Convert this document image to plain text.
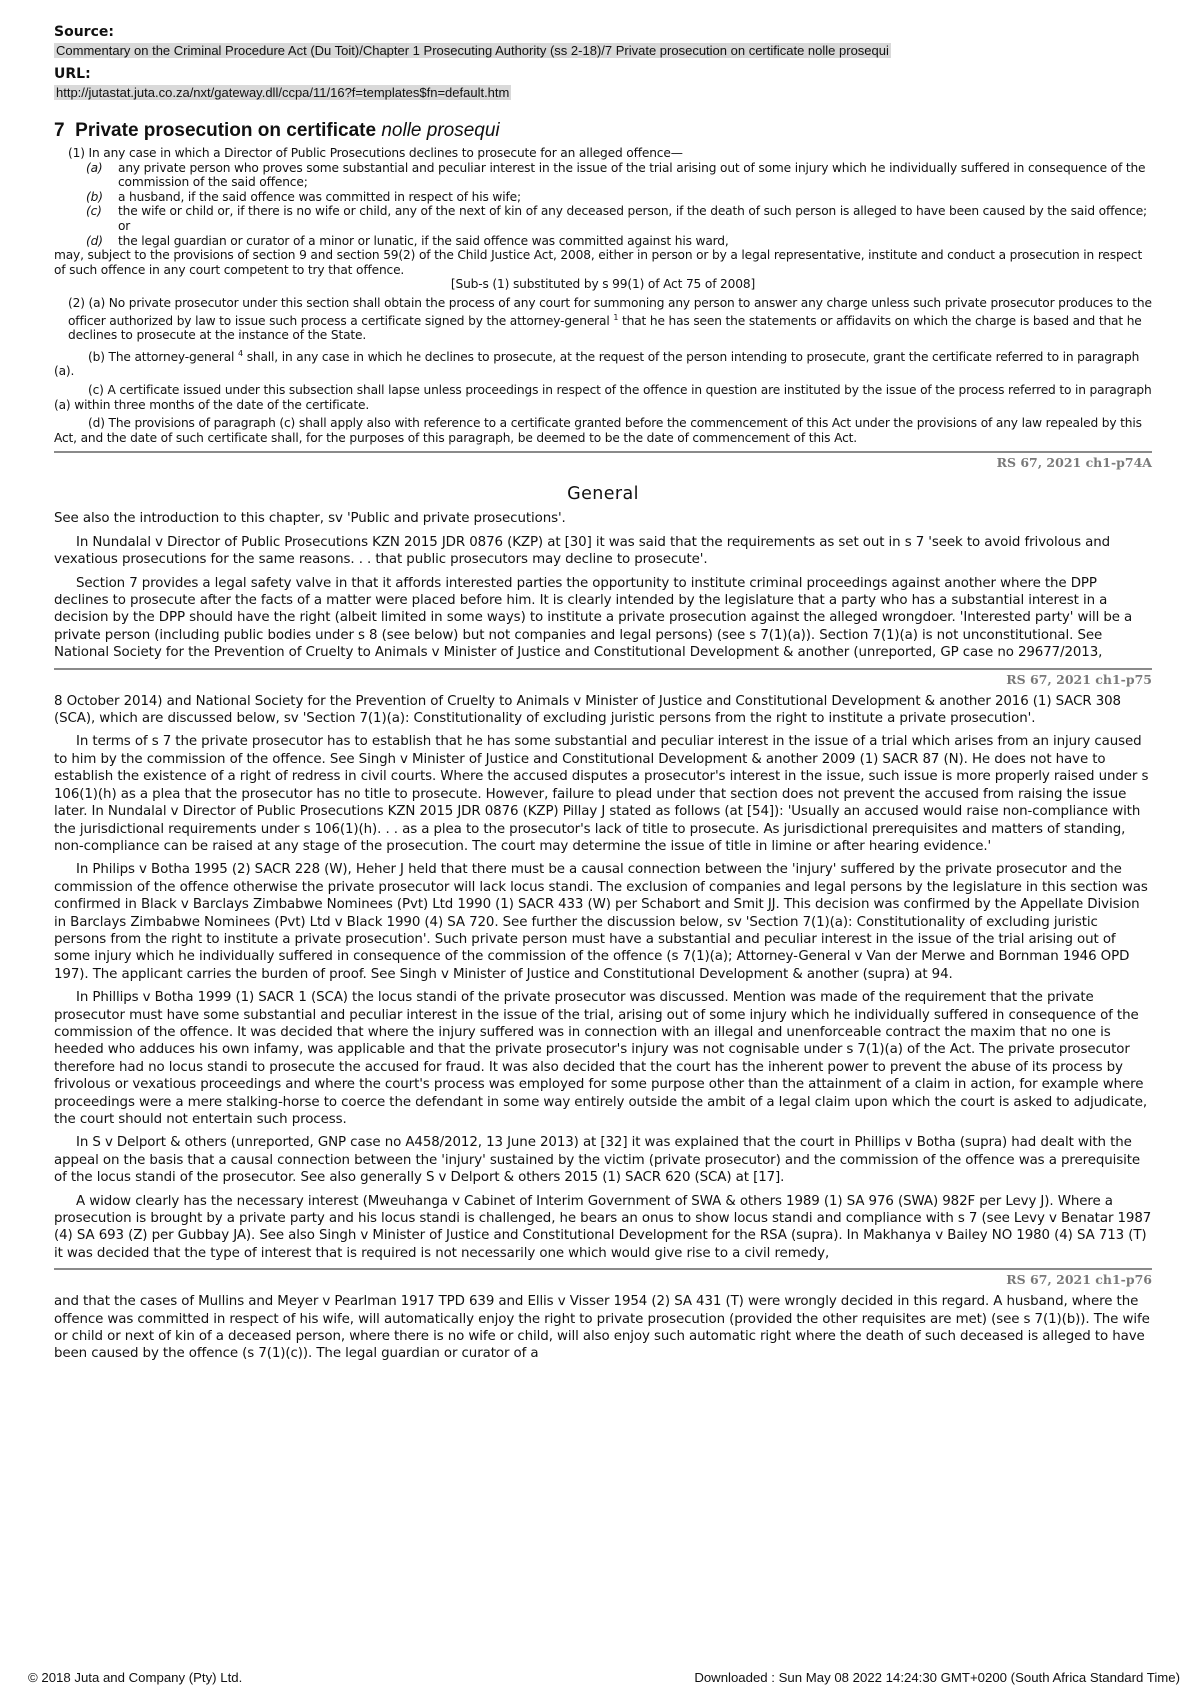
Source:

Commentary on the Criminal Procedure Act (Du Toit)/Chapter 1 Prosecuting Authority (ss 2-18)/7 Private prosecution on certificate nolle prosequi

URL:

http://jutastat.juta.co.za/nxt/gateway.dll/ccpa/11/16?f=templates$fn=default.htm
7 Private prosecution on certificate nolle prosequi

(1) In any case in which a Director of Public Prosecutions declines to prosecute for an alleged offence—

(a)	any private person who proves some substantial and peculiar interest in the issue of the trial arising out of some injury which he individually suffered in consequence of the commission of the said offence;
(b)	a husband, if the said offence was committed in respect of his wife;
(c)	the wife or child or, if there is no wife or child, any of the next of kin of any deceased person, if the death of such person is alleged to have been caused by the said offence; or
(d)	the legal guardian or curator of a minor or lunatic, if the said offence was committed against his ward,

may, subject to the provisions of section 9 and section 59(2) of the Child Justice Act, 2008, either in person or by a legal representative, institute and conduct a prosecution in respect of such offence in any court competent to try that offence.

[Sub-s (1) substituted by s 99(1) of Act 75 of 2008]

(2) (a) No private prosecutor under this section shall obtain the process of any court for summoning any person to answer any charge unless such private prosecutor produces to the officer authorized by law to issue such process a certificate signed by the attorney-general $^1$ that he has seen the statements or affidavits on which the charge is based and that he declines to prosecute at the instance of the State.

(b) The attorney-general $^4$ shall, in any case in which he declines to prosecute, at the request of the person intending to prosecute, grant the certificate referred to in paragraph (a).

(c) A certificate issued under this subsection shall lapse unless proceedings in respect of the offence in question are instituted by the issue of the process referred to in paragraph (a) within three months of the date of the certificate.

(d) The provisions of paragraph (c) shall apply also with reference to a certificate granted before the commencement of this Act under the provisions of any law repealed by this Act, and the date of such certificate shall, for the purposes of this paragraph, be deemed to be the date of commencement of this Act.

RS 67, 2021 ch1-p74A
General

See also the introduction to this chapter, sv 'Public and private prosecutions'.

In Nundalal v Director of Public Prosecutions KZN 2015 JDR 0876 (KZP) at [30] it was said that the requirements as set out in s 7 'seek to avoid frivolous and vexatious prosecutions for the same reasons. . . that public prosecutors may decline to prosecute'.

Section 7 provides a legal safety valve in that it affords interested parties the opportunity to institute criminal proceedings against another where the DPP declines to prosecute after the facts of a matter were placed before him. It is clearly intended by the legislature that a party who has a substantial interest in a decision by the DPP should have the right (albeit limited in some ways) to institute a private prosecution against the alleged wrongdoer. 'Interested party' will be a private person (including public bodies under s 8 (see below) but not companies and legal persons) (see s 7(1)(a)). Section 7(1)(a) is not unconstitutional. See National Society for the Prevention of Cruelty to Animals v Minister of Justice and Constitutional Development & another (unreported, GP case no 29677/2013,

RS 67, 2021 ch1-p75

8 October 2014) and National Society for the Prevention of Cruelty to Animals v Minister of Justice and Constitutional Development & another 2016 (1) SACR 308 (SCA), which are discussed below, sv 'Section 7(1)(a): Constitutionality of excluding juristic persons from the right to institute a private prosecution'.

In terms of s 7 the private prosecutor has to establish that he has some substantial and peculiar interest in the issue of a trial which arises from an injury caused to him by the commission of the offence. See Singh v Minister of Justice and Constitutional Development & another 2009 (1) SACR 87 (N). He does not have to establish the existence of a right of redress in civil courts. Where the accused disputes a prosecutor's interest in the issue, such issue is more properly raised under s 106(1)(h) as a plea that the prosecutor has no title to prosecute. However, failure to plead under that section does not prevent the accused from raising the issue later. In Nundalal v Director of Public Prosecutions KZN 2015 JDR 0876 (KZP) Pillay J stated as follows (at [54]): 'Usually an accused would raise non-compliance with the jurisdictional requirements under s 106(1)(h). . . as a plea to the prosecutor's lack of title to prosecute. As jurisdictional prerequisites and matters of standing, non-compliance can be raised at any stage of the prosecution. The court may determine the issue of title in limine or after hearing evidence.'

In Philips v Botha 1995 (2) SACR 228 (W), Heher J held that there must be a causal connection between the 'injury' suffered by the private prosecutor and the commission of the offence otherwise the private prosecutor will lack locus standi. The exclusion of companies and legal persons by the legislature in this section was confirmed in Black v Barclays Zimbabwe Nominees (Pvt) Ltd 1990 (1) SACR 433 (W) per Schabort and Smit JJ. This decision was confirmed by the Appellate Division in Barclays Zimbabwe Nominees (Pvt) Ltd v Black 1990 (4) SA 720. See further the discussion below, sv 'Section 7(1)(a): Constitutionality of excluding juristic persons from the right to institute a private prosecution'. Such private person must have a substantial and peculiar interest in the issue of the trial arising out of some injury which he individually suffered in consequence of the commission of the offence (s 7(1)(a); Attorney-General v Van der Merwe and Bornman 1946 OPD 197). The applicant carries the burden of proof. See Singh v Minister of Justice and Constitutional Development & another (supra) at 94.

In Phillips v Botha 1999 (1) SACR 1 (SCA) the locus standi of the private prosecutor was discussed. Mention was made of the requirement that the private prosecutor must have some substantial and peculiar interest in the issue of the trial, arising out of some injury which he individually suffered in consequence of the commission of the offence. It was decided that where the injury suffered was in connection with an illegal and unenforceable contract the maxim that no one is heeded who adduces his own infamy, was applicable and that the private prosecutor's injury was not cognisable under s 7(1)(a) of the Act. The private prosecutor therefore had no locus standi to prosecute the accused for fraud. It was also decided that the court has the inherent power to prevent the abuse of its process by frivolous or vexatious proceedings and where the court's process was employed for some purpose other than the attainment of a claim in action, for example where proceedings were a mere stalking-horse to coerce the defendant in some way entirely outside the ambit of a legal claim upon which the court is asked to adjudicate, the court should not entertain such process.

In S v Delport & others (unreported, GNP case no A458/2012, 13 June 2013) at [32] it was explained that the court in Phillips v Botha (supra) had dealt with the appeal on the basis that a causal connection between the 'injury' sustained by the victim (private prosecutor) and the commission of the offence was a prerequisite of the locus standi of the prosecutor. See also generally S v Delport & others 2015 (1) SACR 620 (SCA) at [17].

A widow clearly has the necessary interest (Mweuhanga v Cabinet of Interim Government of SWA & others 1989 (1) SA 976 (SWA) 982F per Levy J). Where a prosecution is brought by a private party and his locus standi is challenged, he bears an onus to show locus standi and compliance with s 7 (see Levy v Benatar 1987 (4) SA 693 (Z) per Gubbay JA). See also Singh v Minister of Justice and Constitutional Development for the RSA (supra). In Makhanya v Bailey NO 1980 (4) SA 713 (T) it was decided that the type of interest that is required is not necessarily one which would give rise to a civil remedy,

RS 67, 2021 ch1-p76

and that the cases of Mullins and Meyer v Pearlman 1917 TPD 639 and Ellis v Visser 1954 (2) SA 431 (T) were wrongly decided in this regard. A husband, where the offence was committed in respect of his wife, will automatically enjoy the right to private prosecution (provided the other requisites are met) (see s 7(1)(b)). The wife or child or next of kin of a deceased person, where there is no wife or child, will also enjoy such automatic right where the death of such deceased is alleged to have been caused by the offence (s 7(1)(c)). The legal guardian or curator of a

© 2018 Juta and Company (Pty) Ltd.	Downloaded : Sun May 08 2022 14:24:30 GMT+0200 (South Africa Standard Time)
